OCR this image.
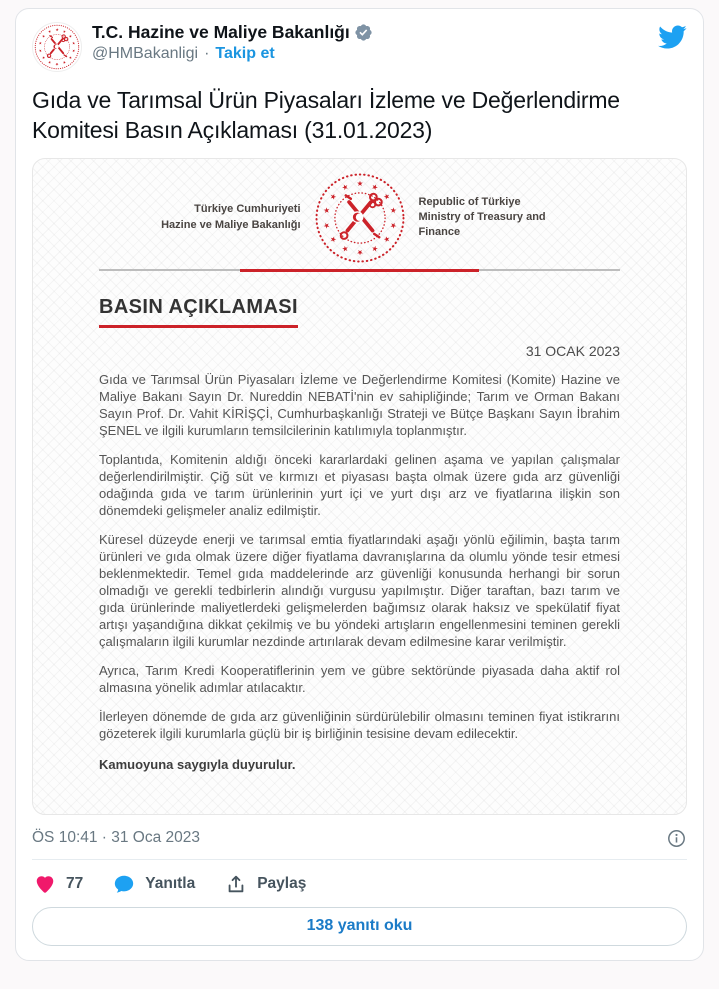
★ ★
★
★
★
★
★
★
★
★
★
★
★
★ T.C. Hazine ve Maliye Bakanlığı
@HMBakanligi · Takip et
Gıda ve Tarımsal Ürün Piyasaları İzleme ve Değerlendirme Komitesi Basın Açıklaması (31.01.2023)
Türkiye Cumhuriyeti
Hazine ve Maliye Bakanlığı
★ ★
★
★
★
★
★
★
★
★
★
★
★
★
Republic of Türkiye
Ministry of Treasury and Finance
BASIN AÇIKLAMASI
31 OCAK 2023

Gıda ve Tarımsal Ürün Piyasaları İzleme ve Değerlendirme Komitesi (Komite) Hazine ve Maliye Bakanı Sayın Dr. Nureddin NEBATİ'nin ev sahipliğinde; Tarım ve Orman Bakanı Sayın Prof. Dr. Vahit KİRİŞÇİ, Cumhurbaşkanlığı Strateji ve Bütçe Başkanı Sayın İbrahim ŞENEL ve ilgili kurumların temsilcilerinin katılımıyla toplanmıştır.

Toplantıda, Komitenin aldığı önceki kararlardaki gelinen aşama ve yapılan çalışmalar değerlendirilmiştir. Çiğ süt ve kırmızı et piyasası başta olmak üzere gıda arz güvenliği odağında gıda ve tarım ürünlerinin yurt içi ve yurt dışı arz ve fiyatlarına ilişkin son dönemdeki gelişmeler analiz edilmiştir.

Küresel düzeyde enerji ve tarımsal emtia fiyatlarındaki aşağı yönlü eğilimin, başta tarım ürünleri ve gıda olmak üzere diğer fiyatlama davranışlarına da olumlu yönde tesir etmesi beklenmektedir. Temel gıda maddelerinde arz güvenliği konusunda herhangi bir sorun olmadığı ve gerekli tedbirlerin alındığı vurgusu yapılmıştır. Diğer taraftan, bazı tarım ve gıda ürünlerinde maliyetlerdeki gelişmelerden bağımsız olarak haksız ve spekülatif fiyat artışı yaşandığına dikkat çekilmiş ve bu yöndeki artışların engellenmesini teminen gerekli çalışmaların ilgili kurumlar nezdinde artırılarak devam edilmesine karar verilmiştir.

Ayrıca, Tarım Kredi Kooperatiflerinin yem ve gübre sektöründe piyasada daha aktif rol almasına yönelik adımlar atılacaktır.

İlerleyen dönemde de gıda arz güvenliğinin sürdürülebilir olmasını teminen fiyat istikrarını gözeterek ilgili kurumlarla güçlü bir iş birliğinin tesisine devam edilecektir.

Kamuoyuna saygıyla duyurulur.
ÖS 10:41 · 31 Oca 2023
77	Yanıtla	Paylaş
138 yanıtı oku
